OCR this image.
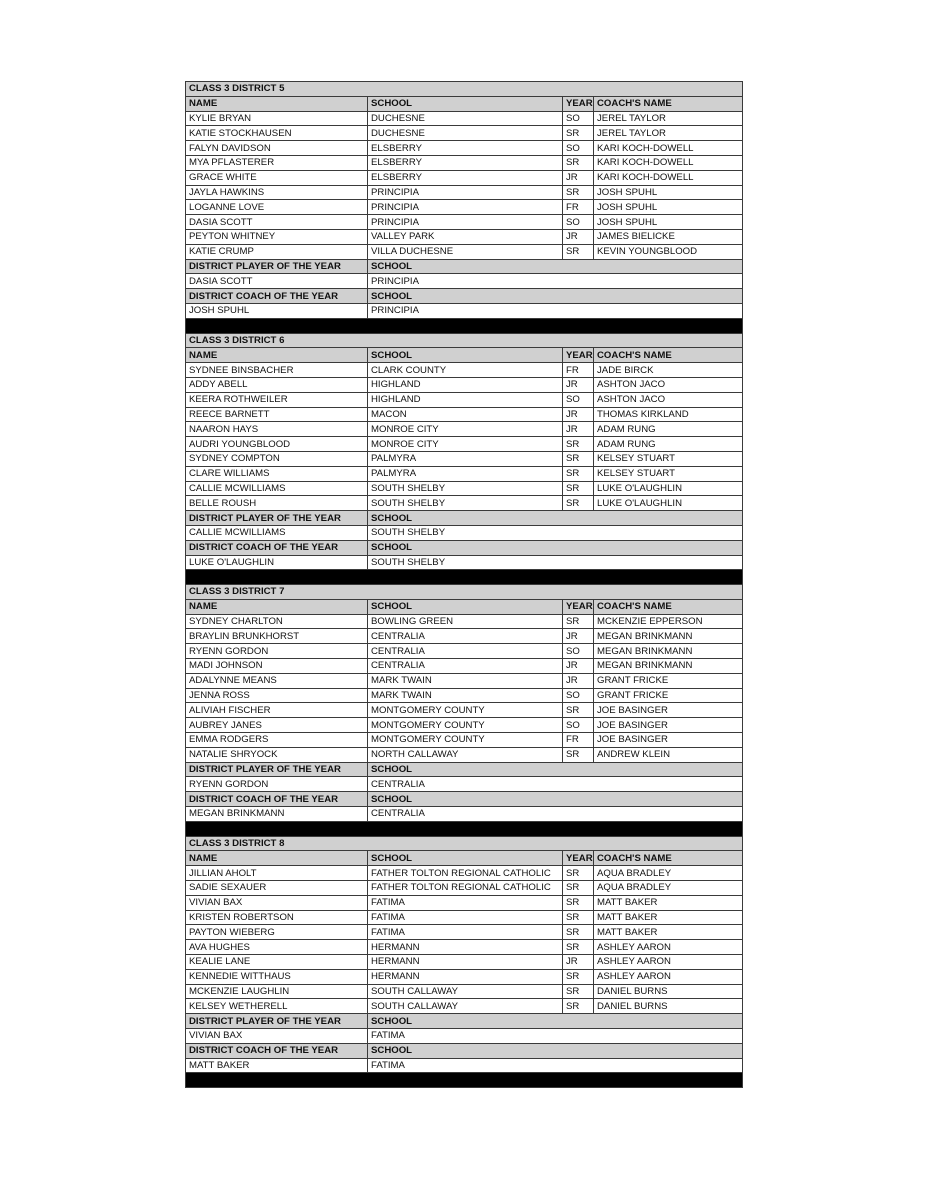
CLASS 3 DISTRICT 5			
NAME	SCHOOL	YEAR	COACH'S NAME
KYLIE BRYAN	DUCHESNE	SO	JEREL TAYLOR
KATIE STOCKHAUSEN	DUCHESNE	SR	JEREL TAYLOR
FALYN DAVIDSON	ELSBERRY	SO	KARI KOCH-DOWELL
MYA PFLASTERER	ELSBERRY	SR	KARI KOCH-DOWELL
GRACE WHITE	ELSBERRY	JR	KARI KOCH-DOWELL
JAYLA HAWKINS	PRINCIPIA	SR	JOSH SPUHL
LOGANNE LOVE	PRINCIPIA	FR	JOSH SPUHL
DASIA SCOTT	PRINCIPIA	SO	JOSH SPUHL
PEYTON WHITNEY	VALLEY PARK	JR	JAMES BIELICKE
KATIE CRUMP	VILLA DUCHESNE	SR	KEVIN YOUNGBLOOD
DISTRICT PLAYER OF THE YEAR	SCHOOL		
DASIA SCOTT	PRINCIPIA		
DISTRICT COACH OF THE YEAR	SCHOOL		
JOSH SPUHL	PRINCIPIA		

CLASS 3 DISTRICT 6			
NAME	SCHOOL	YEAR	COACH'S NAME
SYDNEE BINSBACHER	CLARK COUNTY	FR	JADE BIRCK
ADDY ABELL	HIGHLAND	JR	ASHTON JACO
KEERA ROTHWEILER	HIGHLAND	SO	ASHTON JACO
REECE BARNETT	MACON	JR	THOMAS KIRKLAND
NAARON HAYS	MONROE CITY	JR	ADAM RUNG
AUDRI YOUNGBLOOD	MONROE CITY	SR	ADAM RUNG
SYDNEY COMPTON	PALMYRA	SR	KELSEY STUART
CLARE WILLIAMS	PALMYRA	SR	KELSEY STUART
CALLIE MCWILLIAMS	SOUTH SHELBY	SR	LUKE O'LAUGHLIN
BELLE ROUSH	SOUTH SHELBY	SR	LUKE O'LAUGHLIN
DISTRICT PLAYER OF THE YEAR	SCHOOL		
CALLIE MCWILLIAMS	SOUTH SHELBY		
DISTRICT COACH OF THE YEAR	SCHOOL		
LUKE O'LAUGHLIN	SOUTH SHELBY		

CLASS 3 DISTRICT 7			
NAME	SCHOOL	YEAR	COACH'S NAME
SYDNEY CHARLTON	BOWLING GREEN	SR	MCKENZIE EPPERSON
BRAYLIN BRUNKHORST	CENTRALIA	JR	MEGAN BRINKMANN
RYENN GORDON	CENTRALIA	SO	MEGAN BRINKMANN
MADI JOHNSON	CENTRALIA	JR	MEGAN BRINKMANN
ADALYNNE MEANS	MARK TWAIN	JR	GRANT FRICKE
JENNA ROSS	MARK TWAIN	SO	GRANT FRICKE
ALIVIAH FISCHER	MONTGOMERY COUNTY	SR	JOE BASINGER
AUBREY JANES	MONTGOMERY COUNTY	SO	JOE BASINGER
EMMA RODGERS	MONTGOMERY COUNTY	FR	JOE BASINGER
NATALIE SHRYOCK	NORTH CALLAWAY	SR	ANDREW KLEIN
DISTRICT PLAYER OF THE YEAR	SCHOOL		
RYENN GORDON	CENTRALIA		
DISTRICT COACH OF THE YEAR	SCHOOL		
MEGAN BRINKMANN	CENTRALIA		

CLASS 3 DISTRICT 8			
NAME	SCHOOL	YEAR	COACH'S NAME
JILLIAN AHOLT	FATHER TOLTON REGIONAL CATHOLIC	SR	AQUA BRADLEY
SADIE SEXAUER	FATHER TOLTON REGIONAL CATHOLIC	SR	AQUA BRADLEY
VIVIAN BAX	FATIMA	SR	MATT BAKER
KRISTEN ROBERTSON	FATIMA	SR	MATT BAKER
PAYTON WIEBERG	FATIMA	SR	MATT BAKER
AVA HUGHES	HERMANN	SR	ASHLEY AARON
KEALIE LANE	HERMANN	JR	ASHLEY AARON
KENNEDIE WITTHAUS	HERMANN	SR	ASHLEY AARON
MCKENZIE LAUGHLIN	SOUTH CALLAWAY	SR	DANIEL BURNS
KELSEY WETHERELL	SOUTH CALLAWAY	SR	DANIEL BURNS
DISTRICT PLAYER OF THE YEAR	SCHOOL		
VIVIAN BAX	FATIMA		
DISTRICT COACH OF THE YEAR	SCHOOL		
MATT BAKER	FATIMA		
